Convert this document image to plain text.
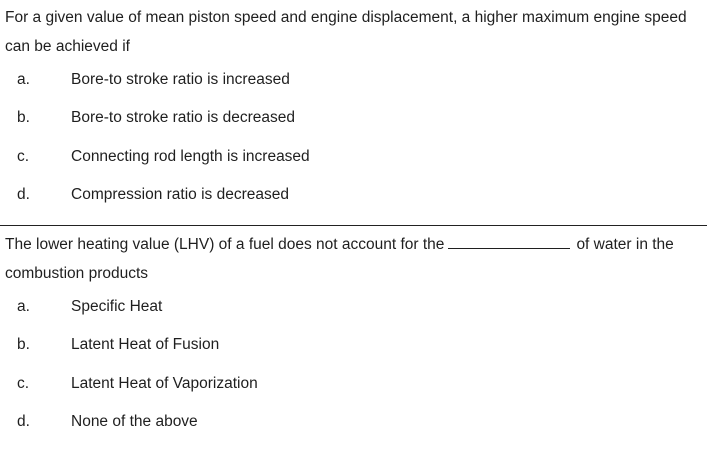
For a given value of mean piston speed and engine displacement, a higher maximum engine speed can be achieved if
a.	Bore-to stroke ratio is increased
b.	Bore-to stroke ratio is decreased
c.	Connecting rod length is increased
d.	Compression ratio is decreased
The lower heating value (LHV) of a fuel does not account for the	of water in the combustion products
a.	Specific Heat
b.	Latent Heat of Fusion
c.	Latent Heat of Vaporization
d.	None of the above
